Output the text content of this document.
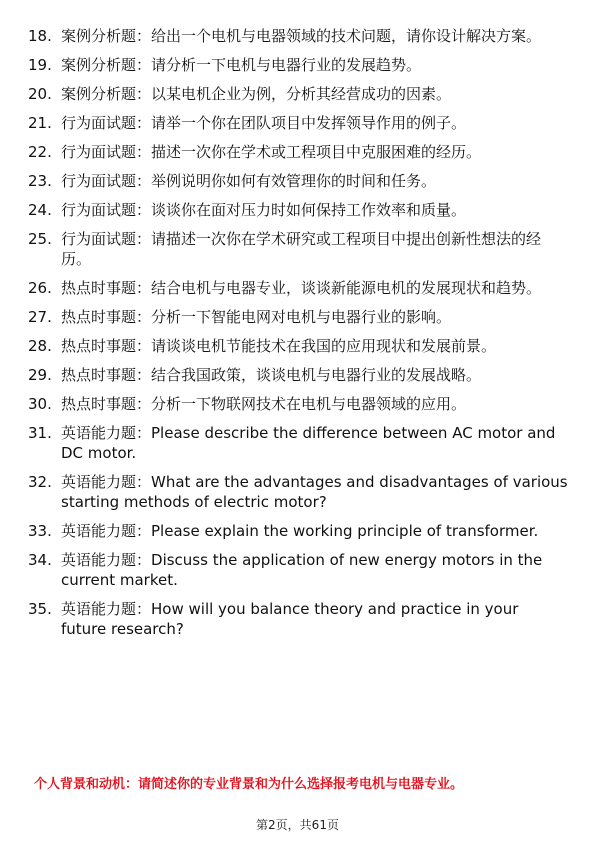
18. 案例分析题：给出一个电机与电器领域的技术问题，请你设计解决方案。
19. 案例分析题：请分析一下电机与电器行业的发展趋势。
20. 案例分析题：以某电机企业为例，分析其经营成功的因素。
21. 行为面试题：请举一个你在团队项目中发挥领导作用的例子。
22. 行为面试题：描述一次你在学术或工程项目中克服困难的经历。
23. 行为面试题：举例说明你如何有效管理你的时间和任务。
24. 行为面试题：谈谈你在面对压力时如何保持工作效率和质量。
25. 行为面试题：请描述一次你在学术研究或工程项目中提出创新性想法的经历。
26. 热点时事题：结合电机与电器专业，谈谈新能源电机的发展现状和趋势。
27. 热点时事题：分析一下智能电网对电机与电器行业的影响。
28. 热点时事题：请谈谈电机节能技术在我国的应用现状和发展前景。
29. 热点时事题：结合我国政策，谈谈电机与电器行业的发展战略。
30. 热点时事题：分析一下物联网技术在电机与电器领域的应用。
31. 英语能力题：Please describe the difference between AC motor and DC motor.
32. 英语能力题：What are the advantages and disadvantages of various starting methods of electric motor?
33. 英语能力题：Please explain the working principle of transformer.
34. 英语能力题：Discuss the application of new energy motors in the current market.
35. 英语能力题：How will you balance theory and practice in your future research?
个人背景和动机：请简述你的专业背景和为什么选择报考电机与电器专业。
第2页，共61页
